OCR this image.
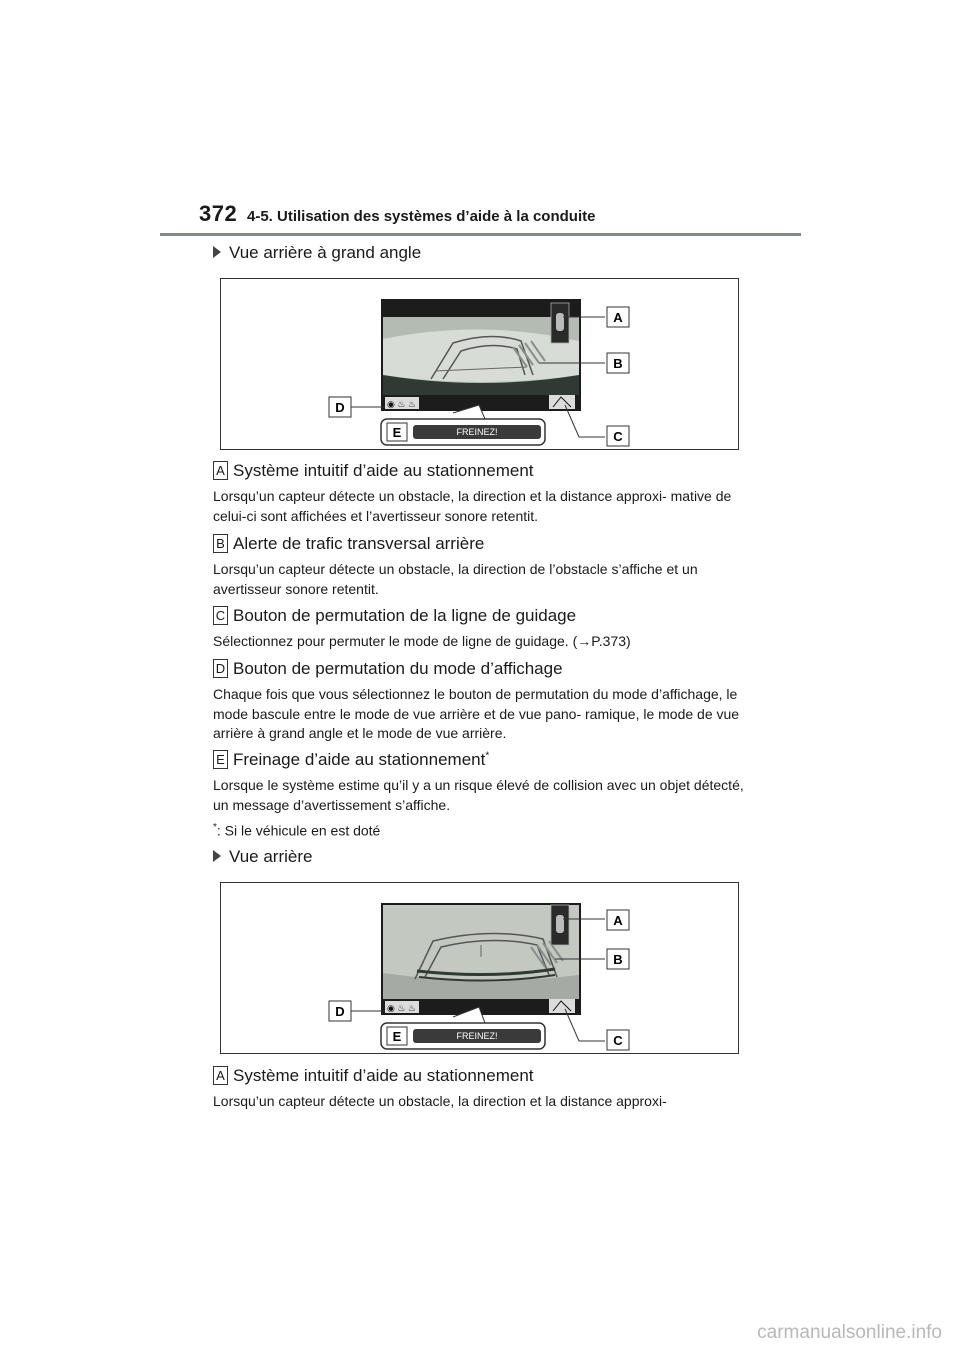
372 4-5. Utilisation des systèmes d’aide à la conduite
Vue arrière à grand angle
◉ ♨ ♨
FREINEZ!
A
B
C
D
E
A Système intuitif d’aide au stationnement
Lorsqu’un capteur détecte un obstacle, la direction et la distance approxi- mative de celui-ci sont affichées et l’avertisseur sonore retentit.
B Alerte de trafic transversal arrière
Lorsqu’un capteur détecte un obstacle, la direction de l’obstacle s’affiche et un avertisseur sonore retentit.
C Bouton de permutation de la ligne de guidage
Sélectionnez pour permuter le mode de ligne de guidage. (→P.373)
D Bouton de permutation du mode d’affichage
Chaque fois que vous sélectionnez le bouton de permutation du mode d’affichage, le mode bascule entre le mode de vue arrière et de vue pano- ramique, le mode de vue arrière à grand angle et le mode de vue arrière.
E Freinage d’aide au stationnement*
Lorsque le système estime qu’il y a un risque élevé de collision avec un objet détecté, un message d’avertissement s’affiche.
*: Si le véhicule en est doté
Vue arrière
◉ ♨ ♨
FREINEZ!
A
B
C
D
E
A Système intuitif d’aide au stationnement
Lorsqu’un capteur détecte un obstacle, la direction et la distance approxi-
carmanualsonline.info
